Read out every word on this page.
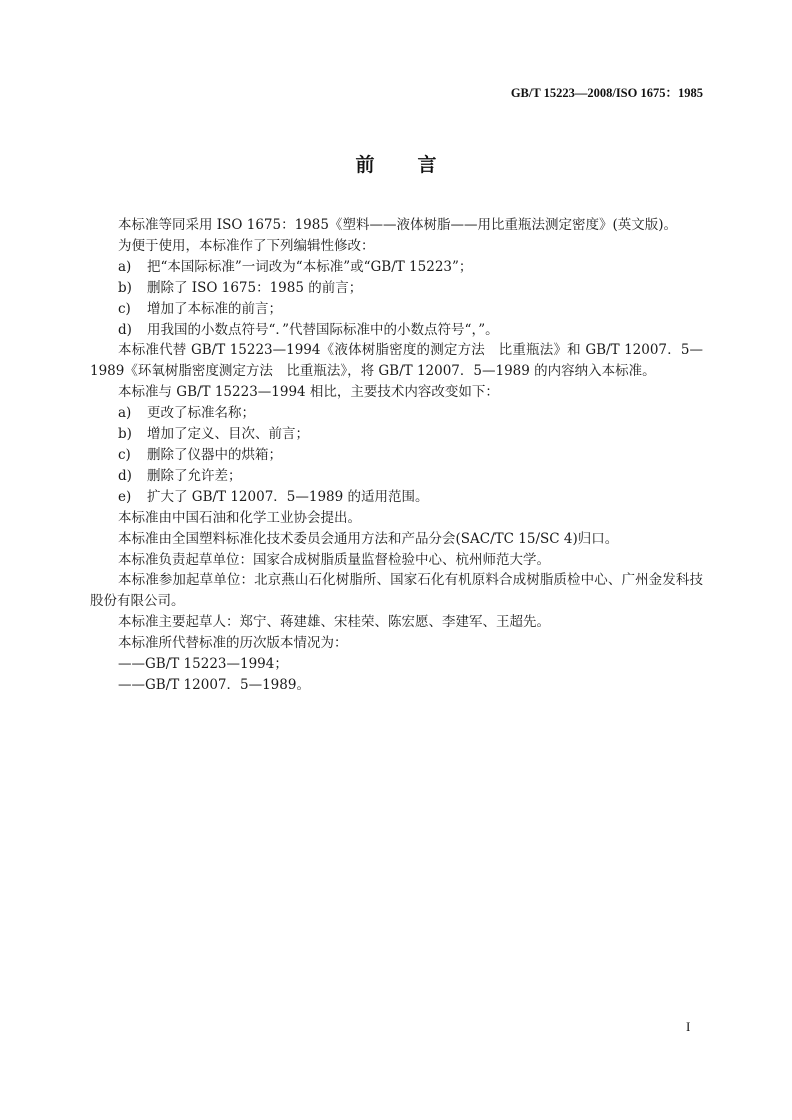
GB/T 15223—2008/ISO 1675：1985
前　言

本标准等同采用 ISO 1675：1985《塑料——液体树脂——用比重瓶法测定密度》(英文版)。

为便于使用，本标准作了下列编辑性修改：

a) 把“本国际标准”一词改为“本标准”或“GB/T 15223”；
b) 删除了 ISO 1675：1985 的前言；
c) 增加了本标准的前言；
d) 用我国的小数点符号“．”代替国际标准中的小数点符号“，”。

本标准代替 GB/T 15223—1994《液体树脂密度的测定方法　比重瓶法》和 GB/T 12007．5—1989《环氧树脂密度测定方法　比重瓶法》，将 GB/T 12007．5—1989 的内容纳入本标准。

本标准与 GB/T 15223—1994 相比，主要技术内容改变如下：

a) 更改了标准名称；
b) 增加了定义、目次、前言；
c) 删除了仪器中的烘箱；
d) 删除了允许差；
e) 扩大了 GB/T 12007．5—1989 的适用范围。

本标准由中国石油和化学工业协会提出。

本标准由全国塑料标准化技术委员会通用方法和产品分会(SAC/TC 15/SC 4)归口。

本标准负责起草单位：国家合成树脂质量监督检验中心、杭州师范大学。

本标准参加起草单位：北京燕山石化树脂所、国家石化有机原料合成树脂质检中心、广州金发科技股份有限公司。

本标准主要起草人：郑宁、蒋建雄、宋桂荣、陈宏愿、李建军、王超先。

本标准所代替标准的历次版本情况为：

——GB/T 15223—1994；
——GB/T 12007．5—1989。
I
